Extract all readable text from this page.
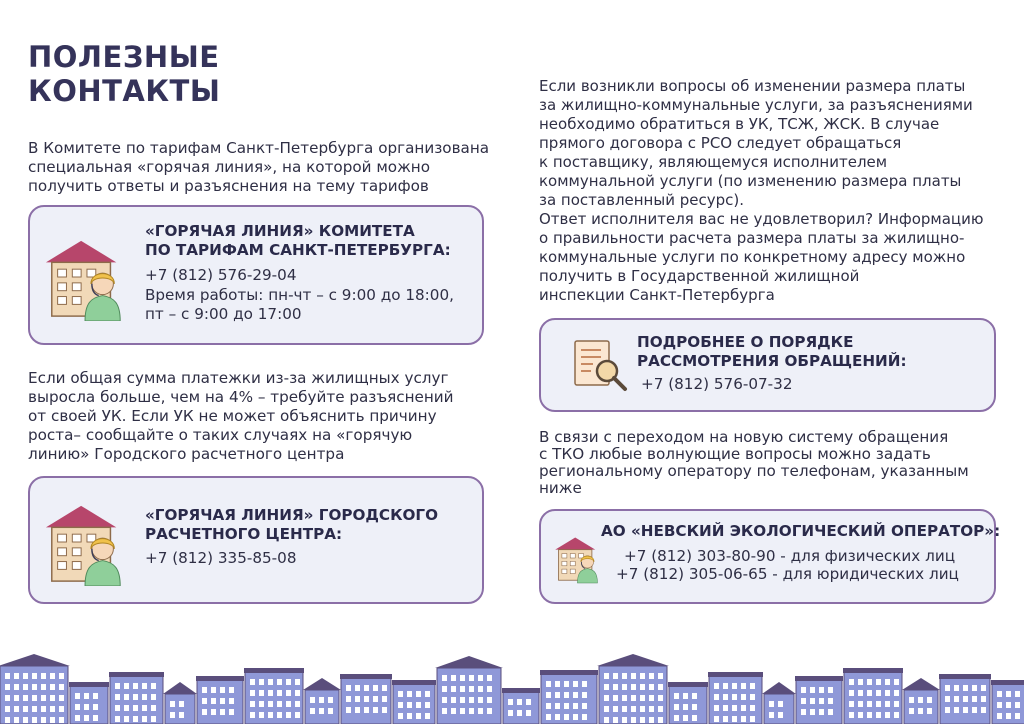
ПОЛЕЗНЫЕ
КОНТАКТЫ

В Комитете по тарифам Санкт-Петербурга организована
специальная «горячая линия», на которой можно
получить ответы и разъяснения на тему тарифов

«ГОРЯЧАЯ ЛИНИЯ» КОМИТЕТА
ПО ТАРИФАМ САНКТ-ПЕТЕРБУРГА:
+7 (812) 576-29-04
Время работы: пн-чт – с 9:00 до 18:00,
пт – с 9:00 до 17:00

Если общая сумма платежки из-за жилищных услуг
выросла больше, чем на 4% – требуйте разъяснений
от своей УК. Если УК не может объяснить причину
роста– сообщайте о таких случаях на «горячую
линию» Городского расчетного центра

«ГОРЯЧАЯ ЛИНИЯ» ГОРОДСКОГО
РАСЧЕТНОГО ЦЕНТРА:
+7 (812) 335-85-08

Если возникли вопросы об изменении размера платы
за жилищно-коммунальные услуги, за разъяснениями
необходимо обратиться в УК, ТСЖ, ЖСК. В случае
прямого договора с РСО следует обращаться
к поставщику, являющемуся исполнителем
коммунальной услуги (по изменению размера платы
за поставленный ресурс).
Ответ исполнителя вас не удовлетворил? Информацию
о правильности расчета размера платы за жилищно-
коммунальные услуги по конкретному адресу можно
получить в Государственной жилищной
инспекции Санкт-Петербурга

ПОДРОБНЕЕ О ПОРЯДКЕ
РАССМОТРЕНИЯ ОБРАЩЕНИЙ:
+7 (812) 576-07-32

В связи с переходом на новую систему обращения
с ТКО любые волнующие вопросы можно задать
региональному оператору по телефонам, указанным
ниже

АО «НЕВСКИЙ ЭКОЛОГИЧЕСКИЙ ОПЕРАТОР»:
+7 (812) 303-80-90 - для физических лиц
+7 (812) 305-06-65 - для юридических лиц
